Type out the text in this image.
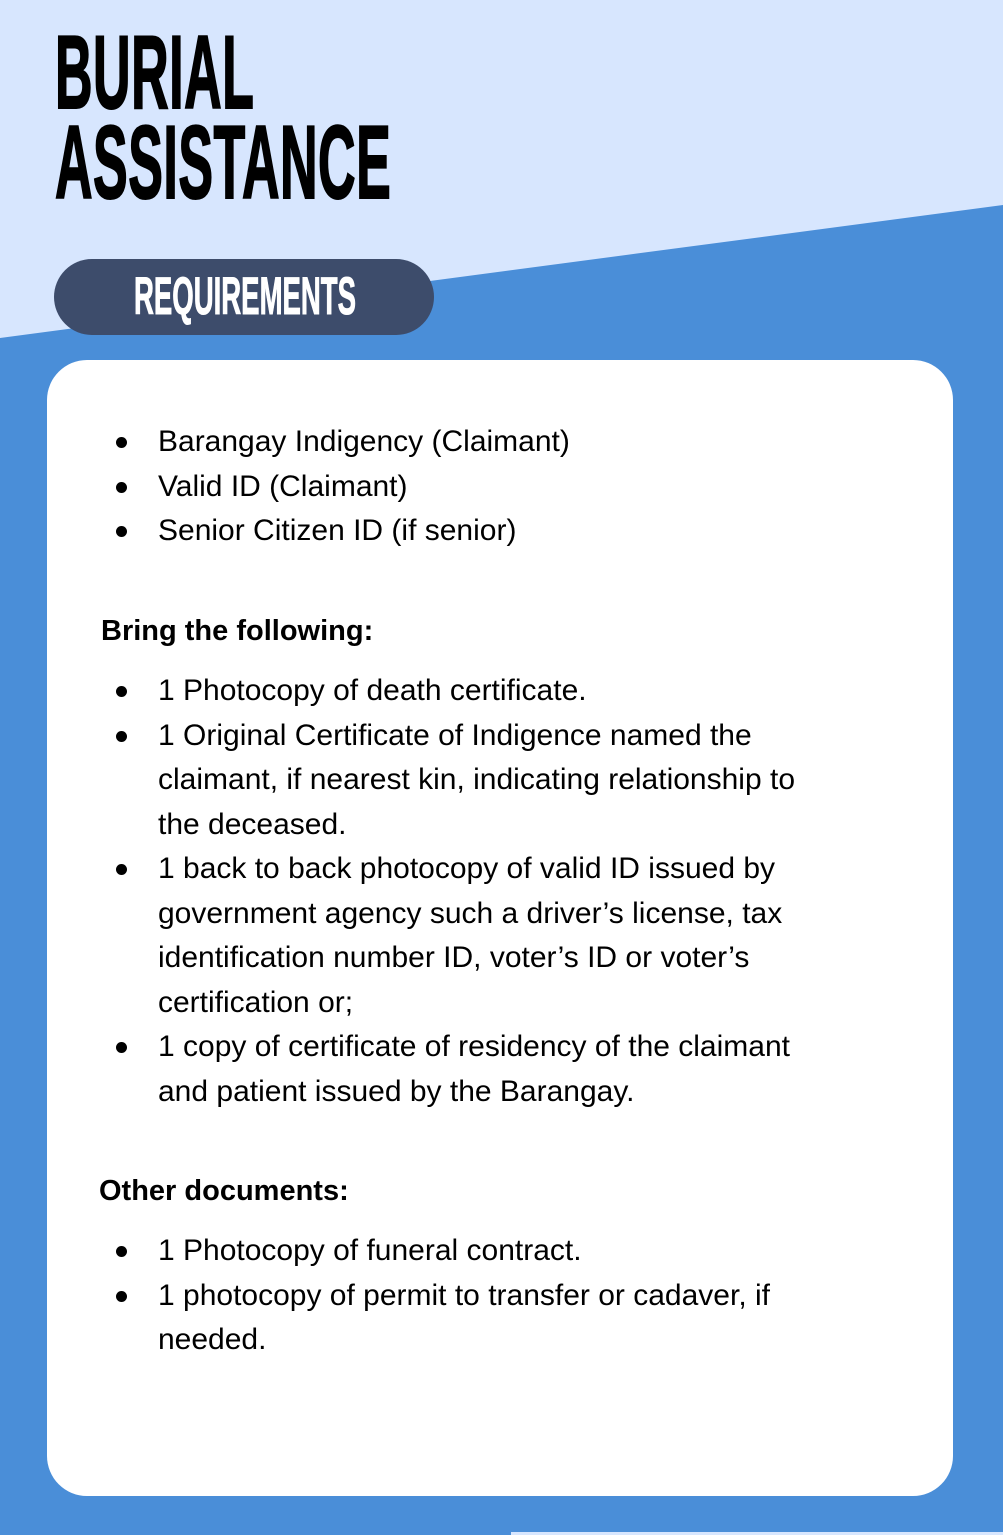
BURIAL
ASSISTANCE
REQUIREMENTS
Barangay Indigency (Claimant)
Valid ID (Claimant)
Senior Citizen ID (if senior)
Bring the following:
1 Photocopy of death certificate.
1 Original Certificate of Indigence named the
claimant, if nearest kin, indicating relationship to
the deceased.
1 back to back photocopy of valid ID issued by
government agency such a driver’s license, tax
identification number ID, voter’s ID or voter’s
certification or;
1 copy of certificate of residency of the claimant
and patient issued by the Barangay.
Other documents:
1 Photocopy of funeral contract.
1 photocopy of permit to transfer or cadaver, if
needed.
